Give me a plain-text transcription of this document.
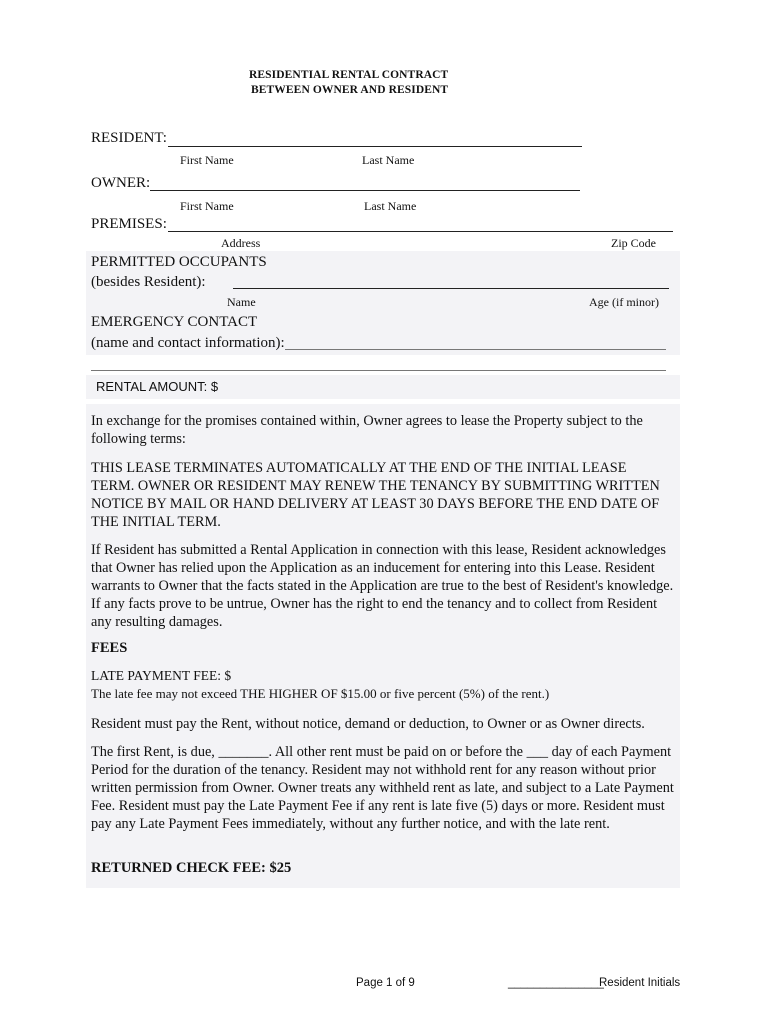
RESIDENTIAL RENTAL CONTRACT
BETWEEN OWNER AND RESIDENT
RESIDENT:
First Name	Last Name
OWNER:
First Name	Last Name
PREMISES:
Address	Zip Code
PERMITTED OCCUPANTS
(besides Resident):
Name	Age (if minor)
EMERGENCY CONTACT
(name and contact information):
RENTAL AMOUNT: $
In exchange for the promises contained within, Owner agrees to lease the Property subject to the following terms:
THIS LEASE TERMINATES AUTOMATICALLY AT THE END OF THE INITIAL LEASE TERM. OWNER OR RESIDENT MAY RENEW THE TENANCY BY SUBMITTING WRITTEN NOTICE BY MAIL OR HAND DELIVERY AT LEAST 30 DAYS BEFORE THE END DATE OF THE INITIAL TERM.
If Resident has submitted a Rental Application in connection with this lease, Resident acknowledges that Owner has relied upon the Application as an inducement for entering into this Lease. Resident warrants to Owner that the facts stated in the Application are true to the best of Resident's knowledge. If any facts prove to be untrue, Owner has the right to end the tenancy and to collect from Resident any resulting damages.
FEES
LATE PAYMENT FEE: $
The late fee may not exceed THE HIGHER OF $15.00 or five percent (5%) of the rent.)
Resident must pay the Rent, without notice, demand or deduction, to Owner or as Owner directs.
The first Rent, is due, _______. All other rent must be paid on or before the ___ day of each Payment Period for the duration of the tenancy. Resident may not withhold rent for any reason without prior written permission from Owner. Owner treats any withheld rent as late, and subject to a Late Payment Fee. Resident must pay the Late Payment Fee if any rent is late five (5) days or more. Resident must pay any Late Payment Fees immediately, without any further notice, and with the late rent.
RETURNED CHECK FEE: $25
Page 1 of 9	_______________
Resident Initials
